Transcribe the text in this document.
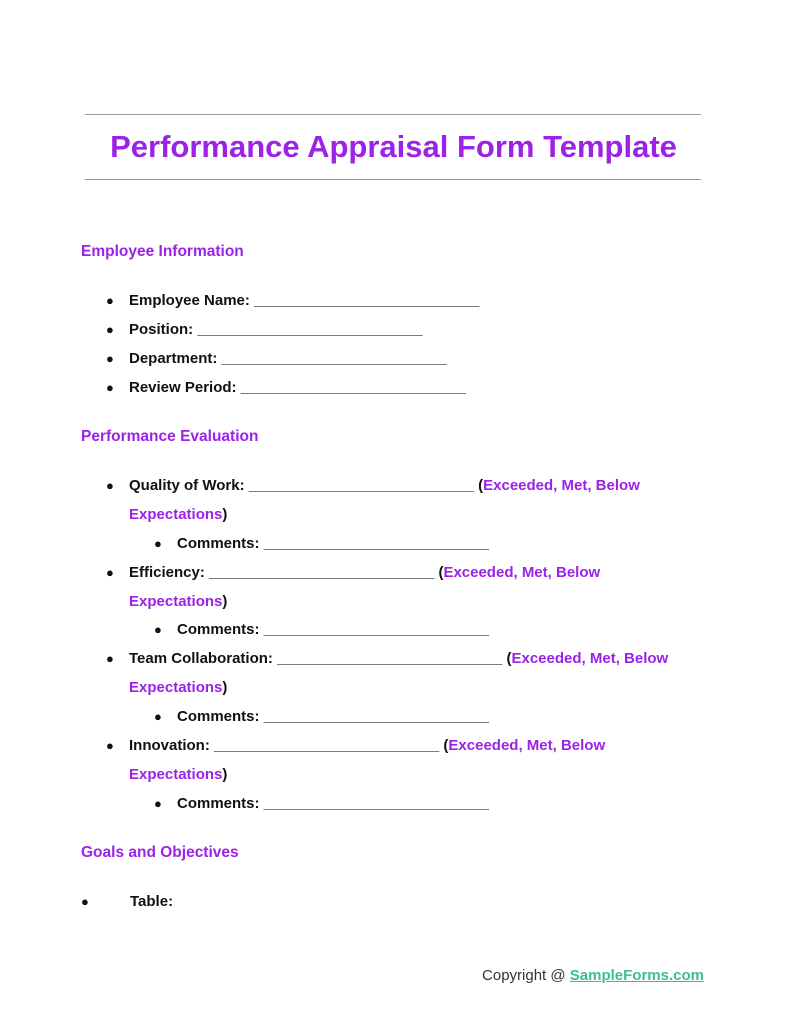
Performance Appraisal Form Template
Employee Information
● Employee Name: ___________________________
● Position: ___________________________
● Department: ___________________________
● Review Period: ___________________________
Performance Evaluation
● Quality of Work: ___________________________ (Exceeded, Met, Below
Expectations)
● Comments: ___________________________
● Efficiency: ___________________________ (Exceeded, Met, Below
Expectations)
● Comments: ___________________________
● Team Collaboration: ___________________________ (Exceeded, Met, Below
Expectations)
● Comments: ___________________________
● Innovation: ___________________________ (Exceeded, Met, Below
Expectations)
● Comments: ___________________________
Goals and Objectives
●	Table:
Copyright @ SampleForms.com
